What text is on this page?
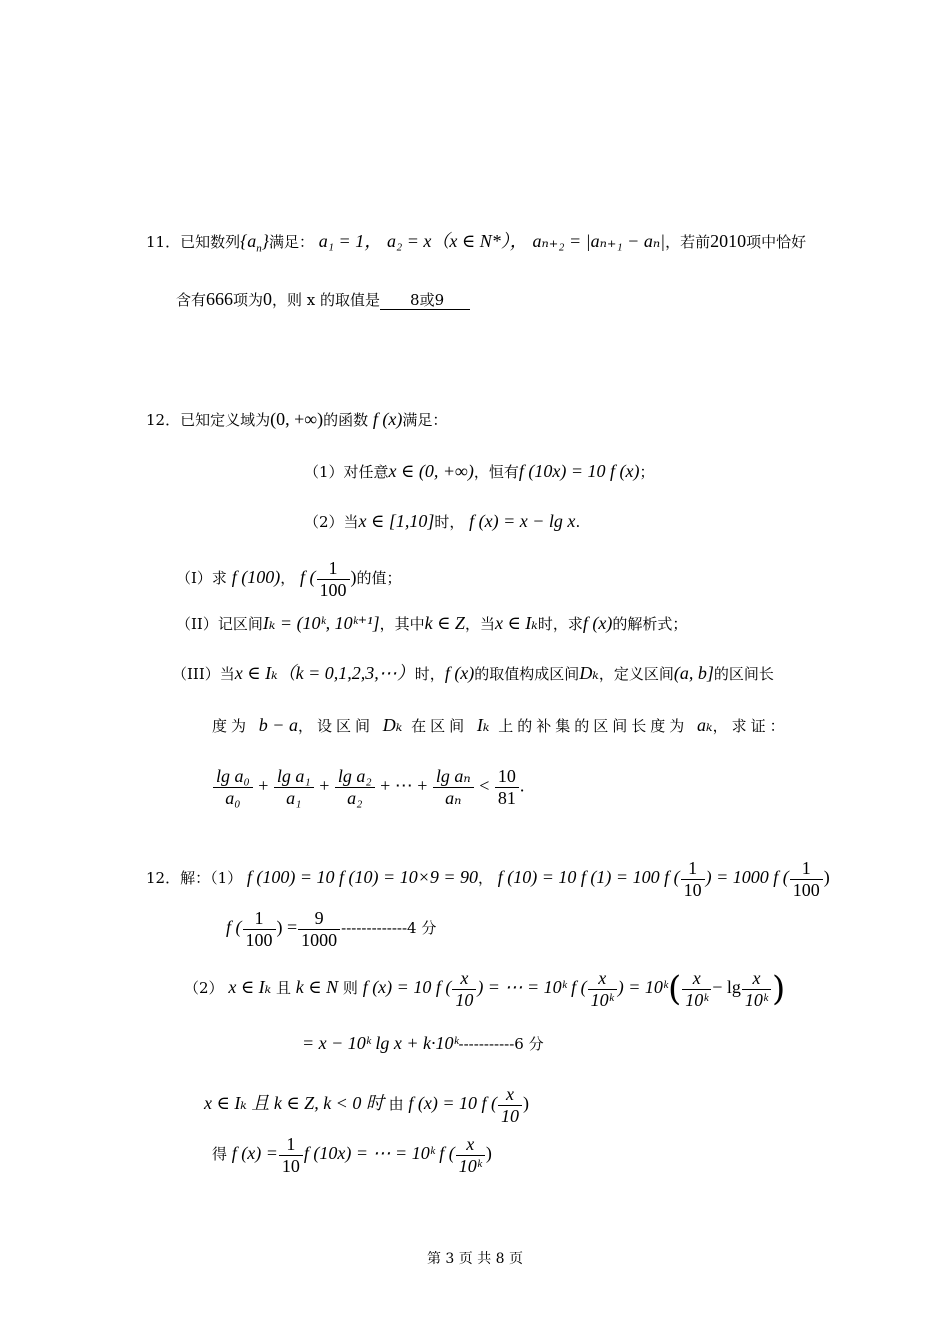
11．已知数列$\{a_n\}$满足： a₁ = 1， a₂ = x（x ∈ N*）， aₙ₊₂ = |aₙ₊₁ − aₙ|，若前2010项中恰好
含有666项为0，则 x 的取值是 8或9
12．已知定义域为(0, +∞)的函数 f (x)满足：
（1）对任意x ∈ (0, +∞)，恒有f (10x) = 10 f (x)；
（2）当x ∈ [1,10]时， f (x) = x − lg x.
（I）求 f (100)， f ( $\frac{1}{100}$ )的值；
（II）记区间Iₖ = (10ᵏ, 10ᵏ⁺¹]，其中k ∈ Z，当x ∈ Iₖ时，求f (x)的解析式；
（III）当x ∈ Iₖ（k = 0,1,2,3,⋯）时，f (x)的取值构成区间Dₖ，定义区间(a, b]的区间长
度为 b − a，设区间 Dₖ 在区间 Iₖ 上的补集的区间长度为 aₖ，求证：
$\frac{\text{lg a₀}}{\text{a₀}} + \frac{\text{lg a₁}}{\text{a₁}} + \frac{\text{lg a₂}}{\text{a₂}}$ + ⋯ + $\frac{\text{lg aₙ}}{\text{aₙ}} < \frac{10}{81}$ .
12．解：（1） f (100) = 10 f (10) = 10×9 = 90， f (10) = 10 f (1) = 100 f ( $\frac{1}{10}$ ) = 1000 f ( $\frac{1}{100}$ )
f ( $\frac{1}{100}$ ) = $\frac{9}{1000} -------------4$ 分
（2） x ∈ Iₖ 且 k ∈ N 则 f (x) = 10 f ( $\frac{x}{10}$ ) = ⋯ = 10ᵏ f ( $\frac{x}{\text{10ᵏ}}$ ) = 10ᵏ( $\frac{x}{\text{10ᵏ}} - \lg \frac{x}{\text{10ᵏ}}$ )
= x − 10ᵏ lg x + k·10ᵏ-----------6 分
x ∈ Iₖ 且 k ∈ Z, k < 0 时 由 f (x) = 10 f ( $\frac{x}{10}$ )
得 f $(x) = \frac{1}{10}$ f (10x) = ⋯ = 10ᵏ f ( $\frac{x}{\text{10ᵏ}}$ )
第 3 页 共 8 页
